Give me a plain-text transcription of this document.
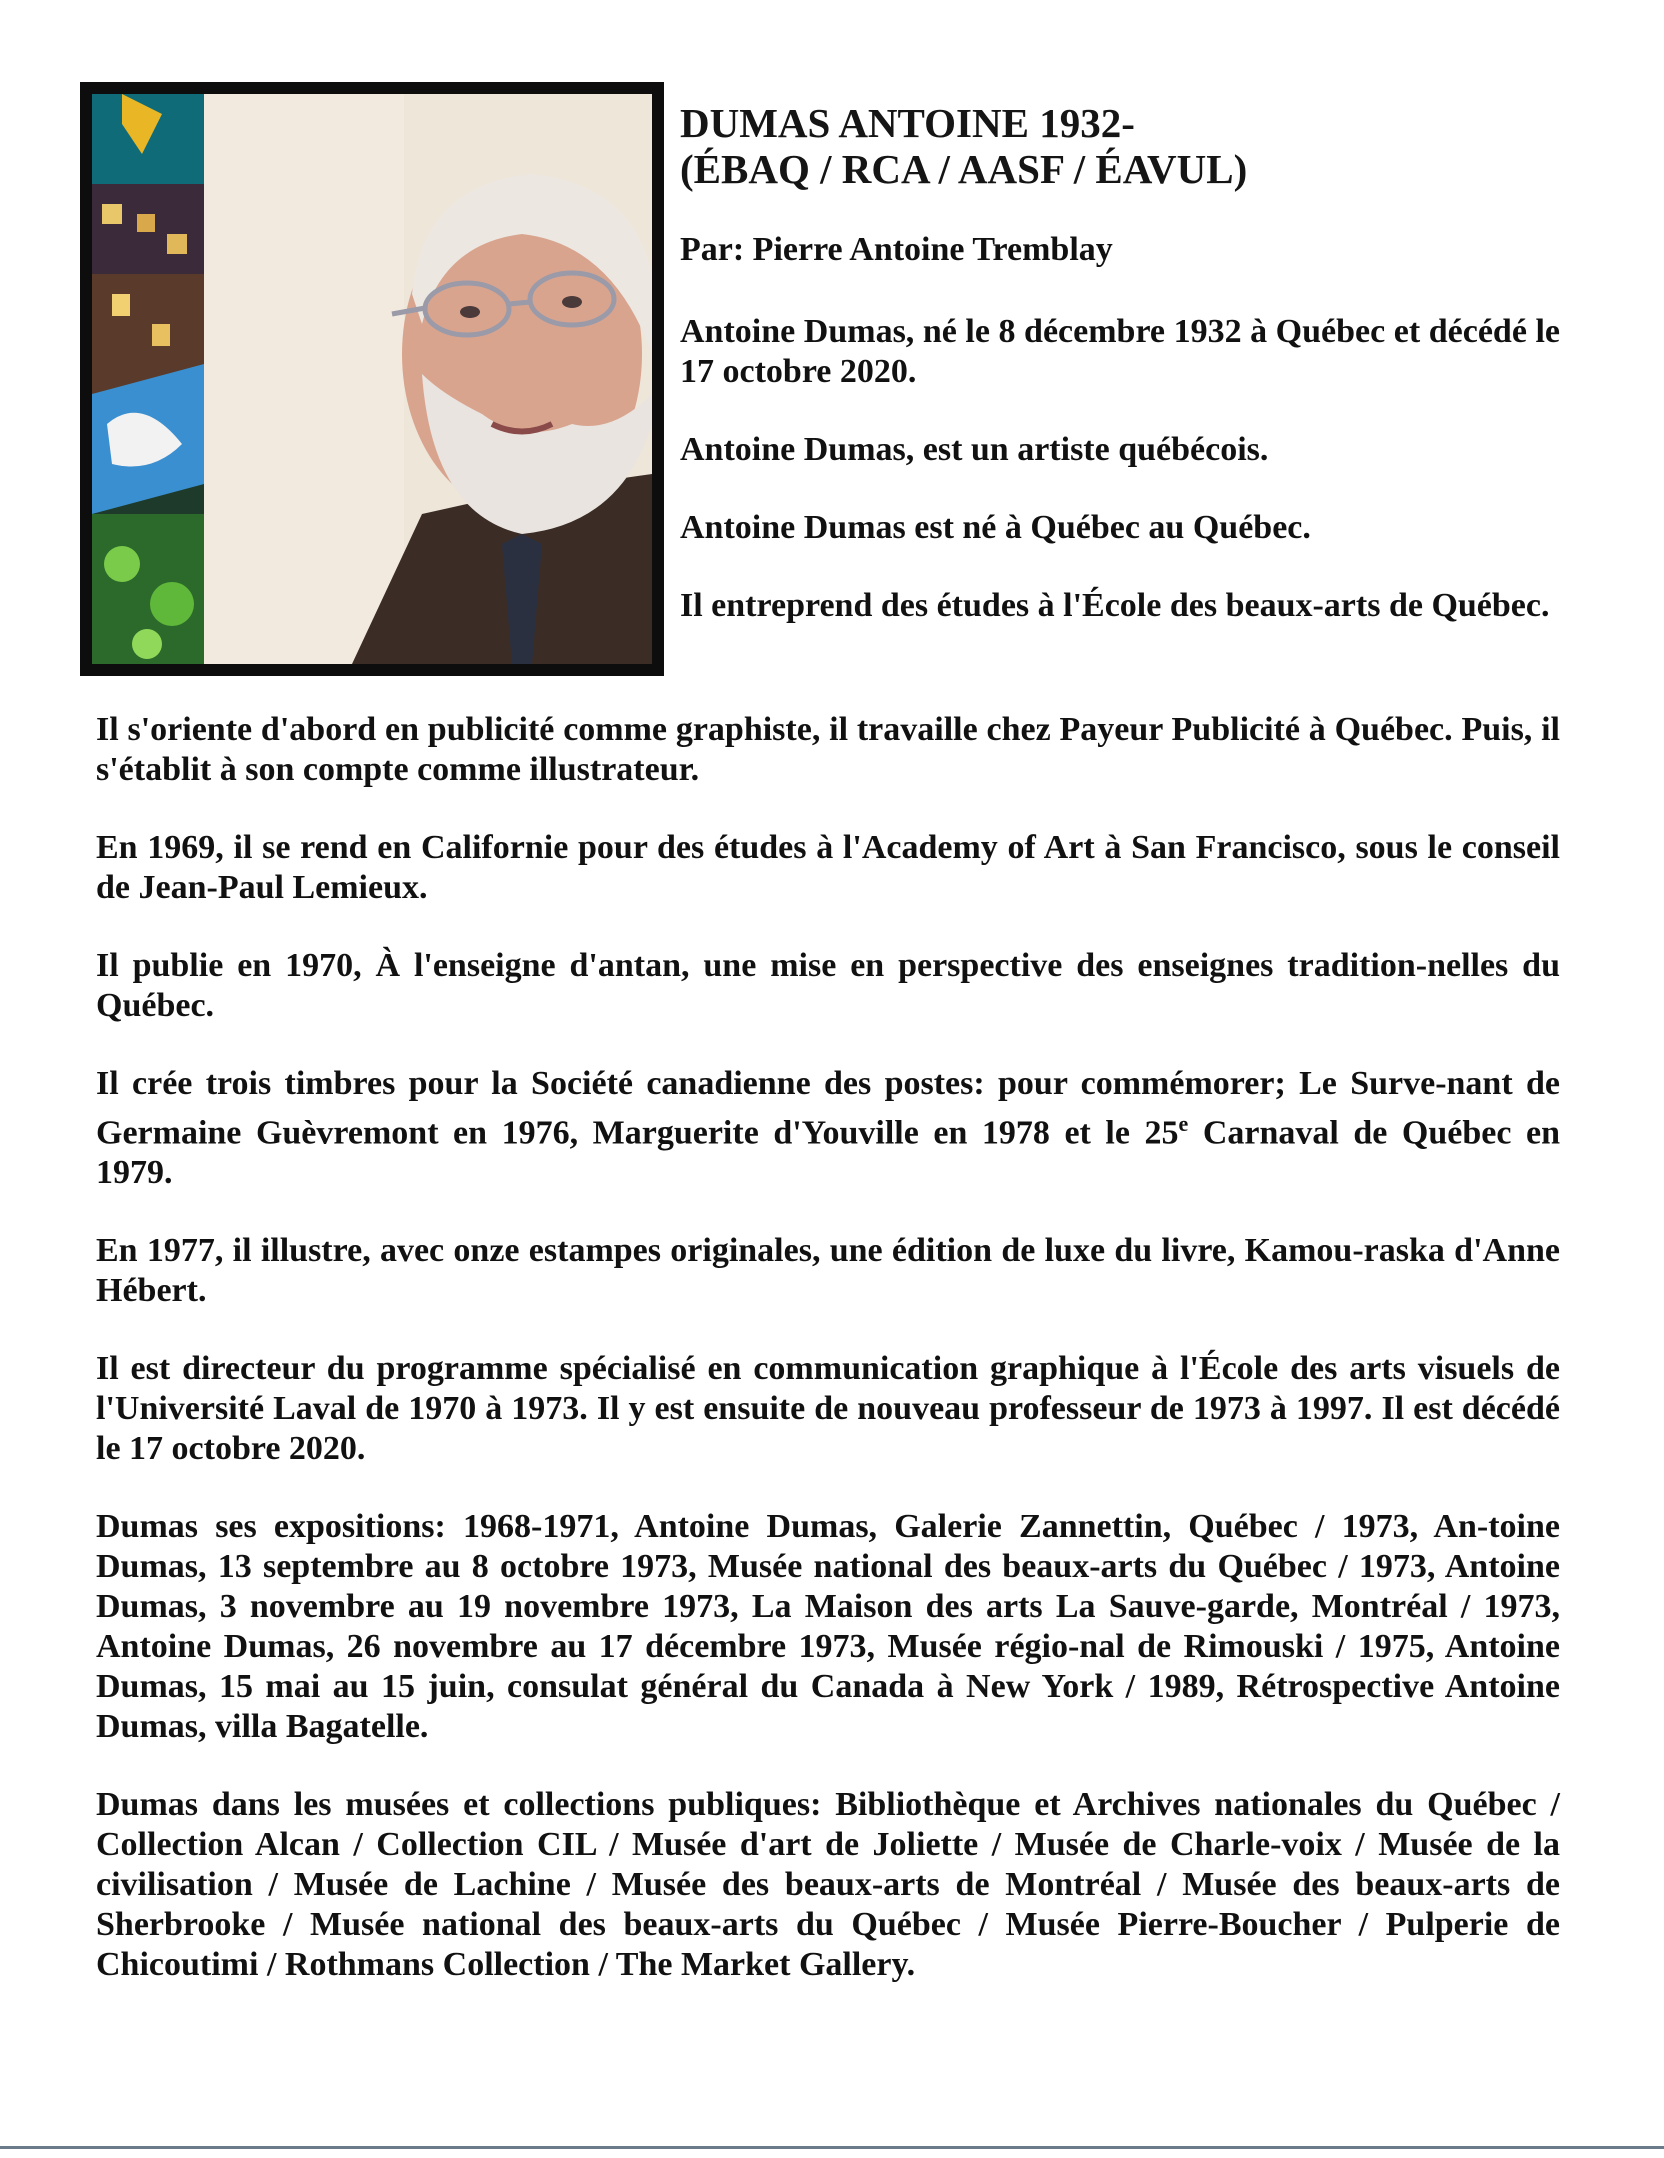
DUMAS ANTOINE 1932-
(ÉBAQ / RCA / AASF / ÉAVUL)

Par: Pierre Antoine Tremblay

Antoine Dumas, né le 8 décembre 1932 à Québec et décédé le 17 octobre 2020.

Antoine Dumas, est un artiste québécois.

Antoine Dumas est né à Québec au Québec.

Il entreprend des études à l'École des beaux-arts de Québec.

Il s'oriente d'abord en publicité comme graphiste, il travaille chez Payeur Publicité à Québec. Puis, il s'établit à son compte comme illustrateur.

En 1969, il se rend en Californie pour des études à l'Academy of Art à San Francisco, sous le conseil de Jean-Paul Lemieux.

Il publie en 1970, À l'enseigne d'antan, une mise en perspective des enseignes tradition-nelles du Québec.

Il crée trois timbres pour la Société canadienne des postes: pour commémorer; Le Surve-nant de Germaine Guèvremont en 1976, Marguerite d'Youville en 1978 et le 25e Carnaval de Québec en 1979.

En 1977, il illustre, avec onze estampes originales, une édition de luxe du livre, Kamou-raska d'Anne Hébert.

Il est directeur du programme spécialisé en communication graphique à l'École des arts visuels de l'Université Laval de 1970 à 1973. Il y est ensuite de nouveau professeur de 1973 à 1997. Il est décédé le 17 octobre 2020.

Dumas ses expositions: 1968-1971, Antoine Dumas, Galerie Zannettin, Québec / 1973, An-toine Dumas, 13 septembre au 8 octobre 1973, Musée national des beaux-arts du Québec / 1973, Antoine Dumas, 3 novembre au 19 novembre 1973, La Maison des arts La Sauve-garde, Montréal / 1973, Antoine Dumas, 26 novembre au 17 décembre 1973, Musée régio-nal de Rimouski / 1975, Antoine Dumas, 15 mai au 15 juin, consulat général du Canada à New York / 1989, Rétrospective Antoine Dumas, villa Bagatelle.

Dumas dans les musées et collections publiques: Bibliothèque et Archives nationales du Québec / Collection Alcan / Collection CIL / Musée d'art de Joliette / Musée de Charle-voix / Musée de la civilisation / Musée de Lachine / Musée des beaux-arts de Montréal / Musée des beaux-arts de Sherbrooke / Musée national des beaux-arts du Québec / Musée Pierre-Boucher / Pulperie de Chicoutimi / Rothmans Collection / The Market Gallery.
